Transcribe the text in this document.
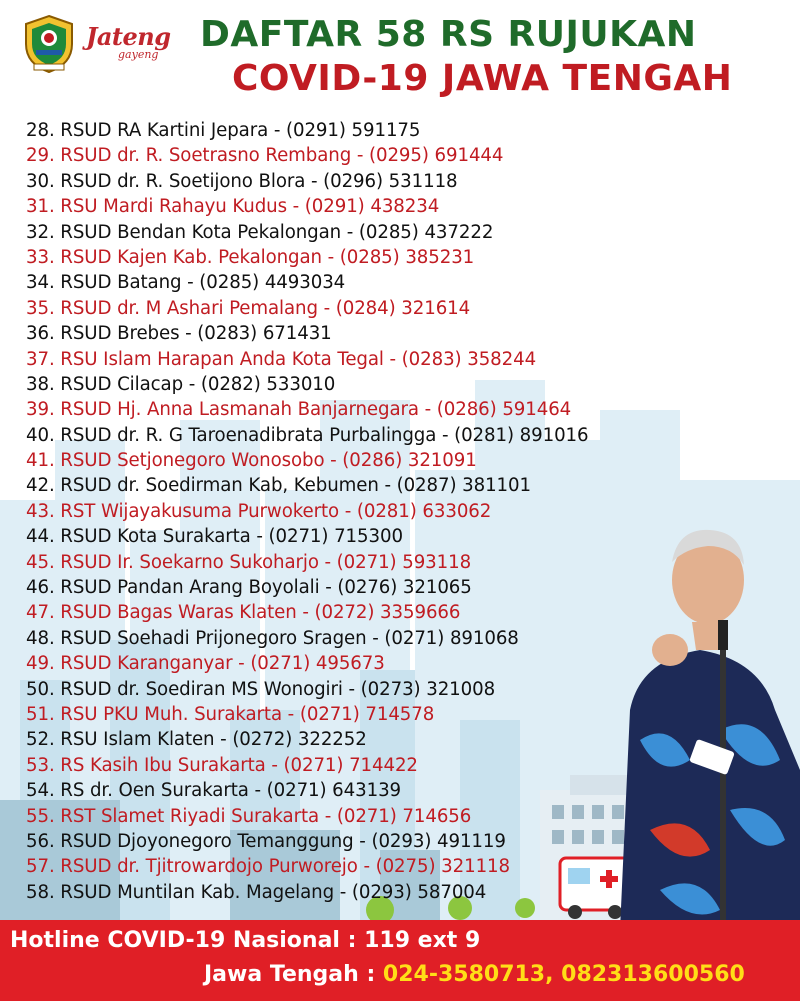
Jateng
gayeng DAFTAR 58 RS RUJUKAN
COVID-19 JAWA TENGAH
28. RSUD RA Kartini Jepara - (0291) 591175
29. RSUD dr. R. Soetrasno Rembang - (0295) 691444
30. RSUD dr. R. Soetijono Blora - (0296) 531118
31. RSU Mardi Rahayu Kudus - (0291) 438234
32. RSUD Bendan Kota Pekalongan - (0285) 437222
33. RSUD Kajen Kab. Pekalongan - (0285) 385231
34. RSUD Batang - (0285) 4493034
35. RSUD dr. M Ashari Pemalang - (0284) 321614
36. RSUD Brebes - (0283) 671431
37. RSU Islam Harapan Anda Kota Tegal - (0283) 358244
38. RSUD Cilacap - (0282) 533010
39. RSUD Hj. Anna Lasmanah Banjarnegara - (0286) 591464
40. RSUD dr. R. G Taroenadibrata Purbalingga - (0281) 891016
41. RSUD Setjonegoro Wonosobo - (0286) 321091
42. RSUD dr. Soedirman Kab, Kebumen - (0287) 381101
43. RST Wijayakusuma Purwokerto - (0281) 633062
44. RSUD Kota Surakarta - (0271) 715300
45. RSUD Ir. Soekarno Sukoharjo - (0271) 593118
46. RSUD Pandan Arang Boyolali - (0276) 321065
47. RSUD Bagas Waras Klaten - (0272) 3359666
48. RSUD Soehadi Prijonegoro Sragen - (0271) 891068
49. RSUD Karanganyar - (0271) 495673
50. RSUD dr. Soediran MS Wonogiri - (0273) 321008
51. RSU PKU Muh. Surakarta - (0271) 714578
52. RSU Islam Klaten - (0272) 322252
53. RS Kasih Ibu Surakarta - (0271) 714422
54. RS dr. Oen Surakarta - (0271) 643139
55. RST Slamet Riyadi Surakarta - (0271) 714656
56. RSUD Djoyonegoro Temanggung - (0293) 491119
57. RSUD dr. Tjitrowardojo Purworejo - (0275) 321118
58. RSUD Muntilan Kab. Magelang - (0293) 587004
Hotline COVID-19 Nasional : 119 ext 9
Jawa Tengah : 024-3580713, 082313600560
